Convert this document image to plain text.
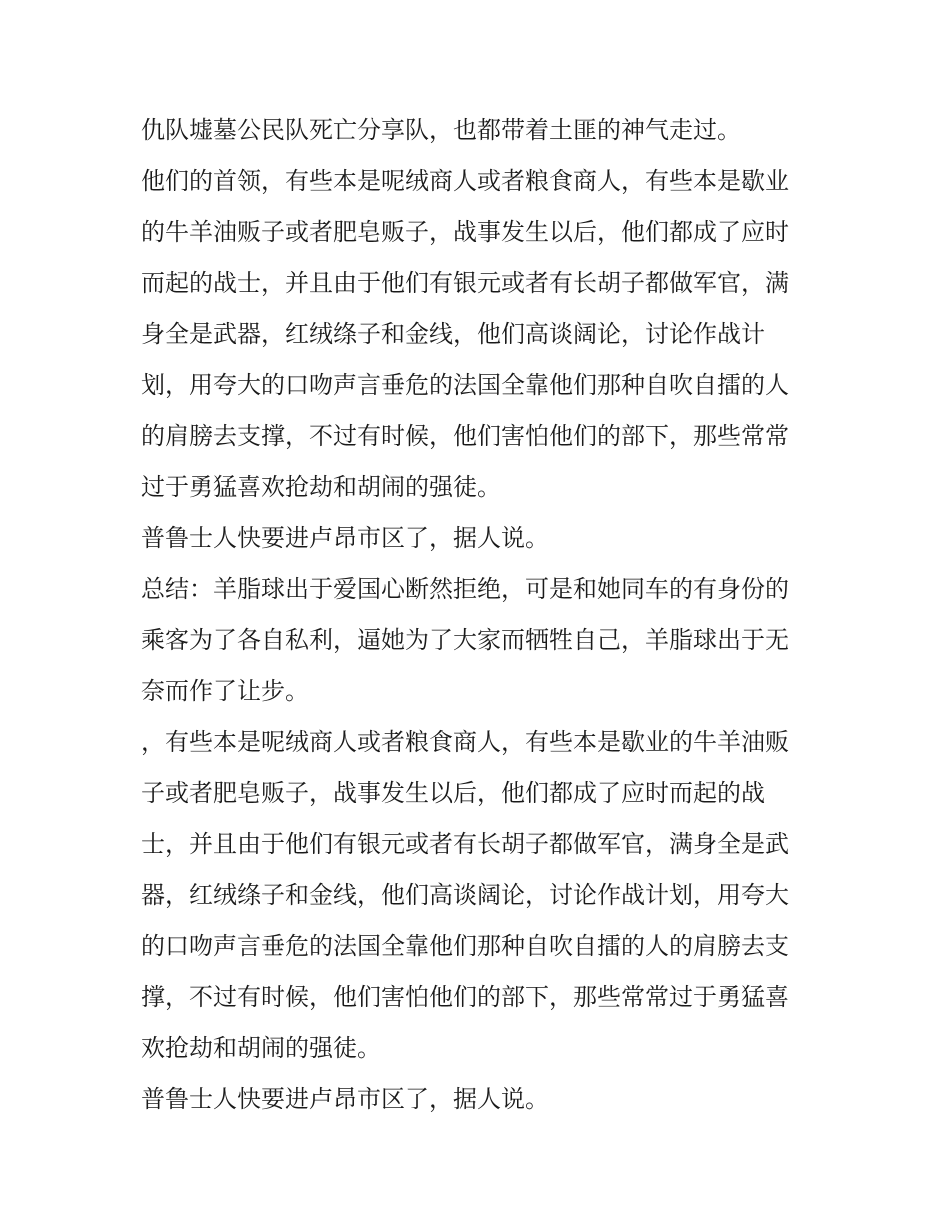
仇队墟墓公民队死亡分享队，也都带着土匪的神气走过。
他们的首领，有些本是呢绒商人或者粮食商人，有些本是歇业
的牛羊油贩子或者肥皂贩子，战事发生以后，他们都成了应时
而起的战士，并且由于他们有银元或者有长胡子都做军官，满
身全是武器，红绒绦子和金线，他们高谈阔论，讨论作战计
划，用夸大的口吻声言垂危的法国全靠他们那种自吹自擂的人
的肩膀去支撑，不过有时候，他们害怕他们的部下，那些常常
过于勇猛喜欢抢劫和胡闹的强徒。
普鲁士人快要进卢昂市区了，据人说。
总结：羊脂球出于爱国心断然拒绝，可是和她同车的有身份的
乘客为了各自私利，逼她为了大家而牺牲自己，羊脂球出于无
奈而作了让步。
，有些本是呢绒商人或者粮食商人，有些本是歇业的牛羊油贩
子或者肥皂贩子，战事发生以后，他们都成了应时而起的战
士，并且由于他们有银元或者有长胡子都做军官，满身全是武
器，红绒绦子和金线，他们高谈阔论，讨论作战计划，用夸大
的口吻声言垂危的法国全靠他们那种自吹自擂的人的肩膀去支
撑，不过有时候，他们害怕他们的部下，那些常常过于勇猛喜
欢抢劫和胡闹的强徒。
普鲁士人快要进卢昂市区了，据人说。
